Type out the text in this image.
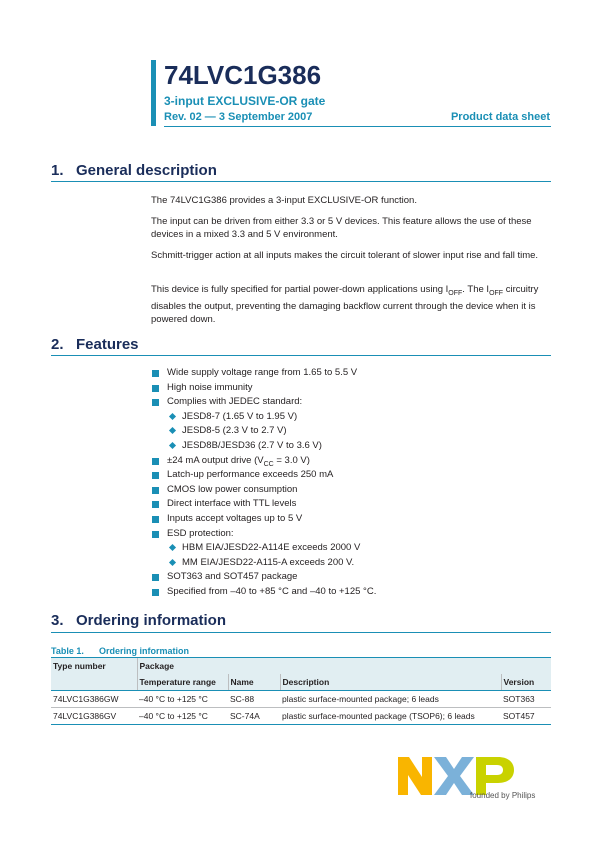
74LVC1G386
3-input EXCLUSIVE-OR gate
Rev. 02 — 3 September 2007	Product data sheet
1. General description
The 74LVC1G386 provides a 3-input EXCLUSIVE-OR function.
The input can be driven from either 3.3 or 5 V devices. This feature allows the use of these devices in a mixed 3.3 and 5 V environment.
Schmitt-trigger action at all inputs makes the circuit tolerant of slower input rise and fall time.
This device is fully specified for partial power-down applications using $I_{OFF}$. The $I_{OFF}$ circuitry disables the output, preventing the damaging backflow current through the device when it is powered down.
2. Features
Wide supply voltage range from 1.65 to 5.5 V
High noise immunity
Complies with JEDEC standard:
JESD8-7 (1.65 V to 1.95 V)
JESD8-5 (2.3 V to 2.7 V)
JESD8B/JESD36 (2.7 V to 3.6 V)
±24 mA output drive ($V_{CC} = 3.0$ V)
Latch-up performance exceeds 250 mA
CMOS low power consumption
Direct interface with TTL levels
Inputs accept voltages up to 5 V
ESD protection:
HBM EIA/JESD22-A114E exceeds 2000 V
MM EIA/JESD22-A115-A exceeds 200 V.
SOT363 and SOT457 package
Specified from –40 to +85 °C and –40 to +125 °C.
3. Ordering information
Table 1. Ordering information
Type number	Package			
	Temperature range	Name	Description	Version
74LVC1G386GW	–40 °C to +125 °C	SC-88	plastic surface-mounted package; 6 leads	SOT363
74LVC1G386GV	–40 °C to +125 °C	SC-74A	plastic surface-mounted package (TSOP6); 6 leads	SOT457
founded by Philips
